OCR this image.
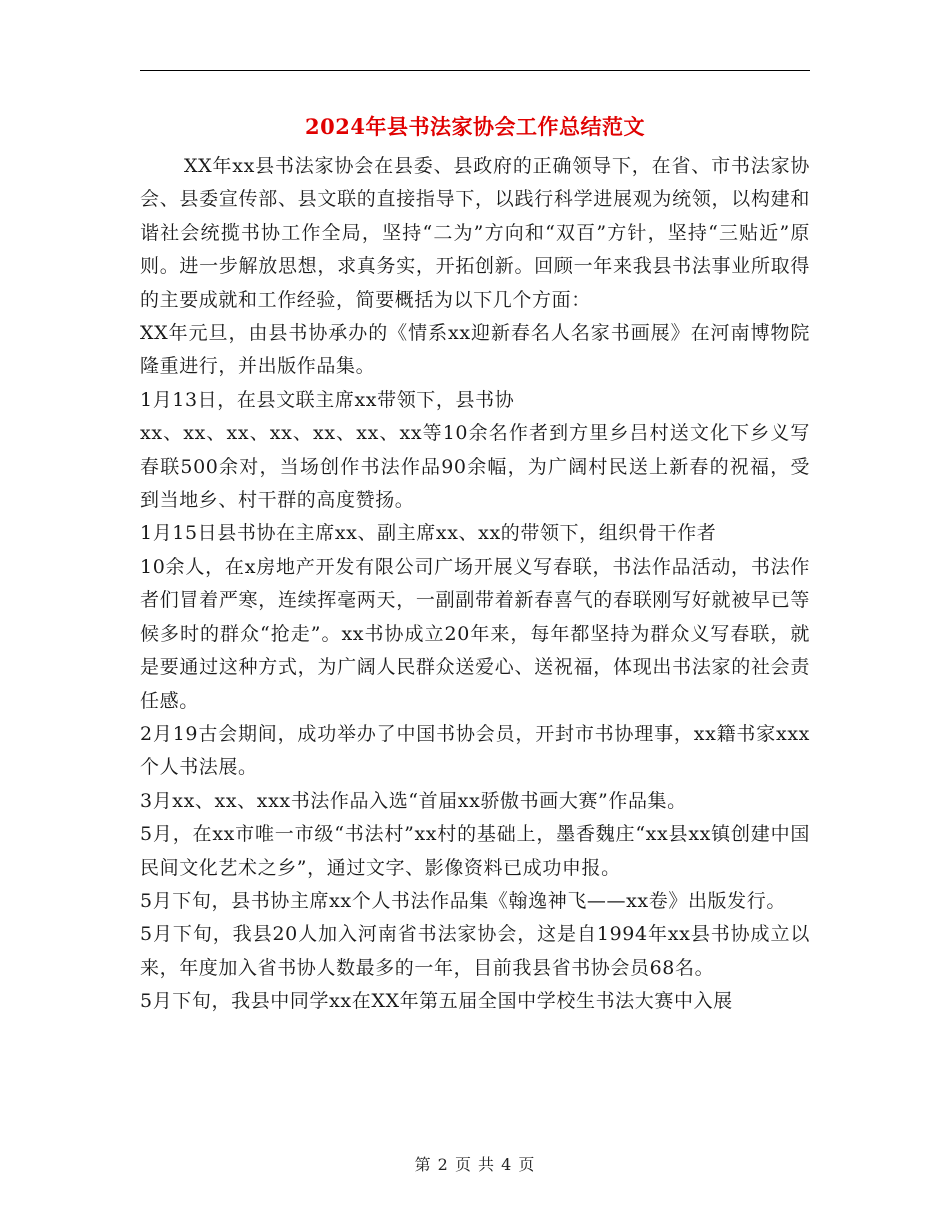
2024年县书法家协会工作总结范文

XX年xx县书法家协会在县委、县政府的正确领导下，在省、市书法家协会、县委宣传部、县文联的直接指导下，以践行科学进展观为统领，以构建和谐社会统揽书协工作全局，坚持“二为”方向和“双百”方针，坚持“三贴近”原则。进一步解放思想，求真务实，开拓创新。回顾一年来我县书法事业所取得的主要成就和工作经验，简要概括为以下几个方面：

XX年元旦，由县书协承办的《情系xx迎新春名人名家书画展》在河南博物院隆重进行，并出版作品集。

1月13日，在县文联主席xx带领下，县书协

xx、xx、xx、xx、xx、xx、xx等10余名作者到方里乡吕村送文化下乡义写春联500余对，当场创作书法作品90余幅，为广阔村民送上新春的祝福，受到当地乡、村干群的高度赞扬。

1月15日县书协在主席xx、副主席xx、xx的带领下，组织骨干作者

10余人，在x房地产开发有限公司广场开展义写春联，书法作品活动，书法作者们冒着严寒，连续挥毫两天，一副副带着新春喜气的春联刚写好就被早已等候多时的群众“抢走”。xx书协成立20年来，每年都坚持为群众义写春联，就是要通过这种方式，为广阔人民群众送爱心、送祝福，体现出书法家的社会责任感。

2月19古会期间，成功举办了中国书协会员，开封市书协理事，xx籍书家xxx个人书法展。

3月xx、xx、xxx书法作品入选“首届xx骄傲书画大赛”作品集。

5月，在xx市唯一市级“书法村”xx村的基础上，墨香魏庄“xx县xx镇创建中国民间文化艺术之乡”，通过文字、影像资料已成功申报。

5月下旬，县书协主席xx个人书法作品集《翰逸神飞——xx卷》出版发行。

5月下旬，我县20人加入河南省书法家协会，这是自1994年xx县书协成立以来，年度加入省书协人数最多的一年，目前我县省书协会员68名。

5月下旬，我县中同学xx在XX年第五届全国中学校生书法大赛中入展

第 2 页 共 4 页
